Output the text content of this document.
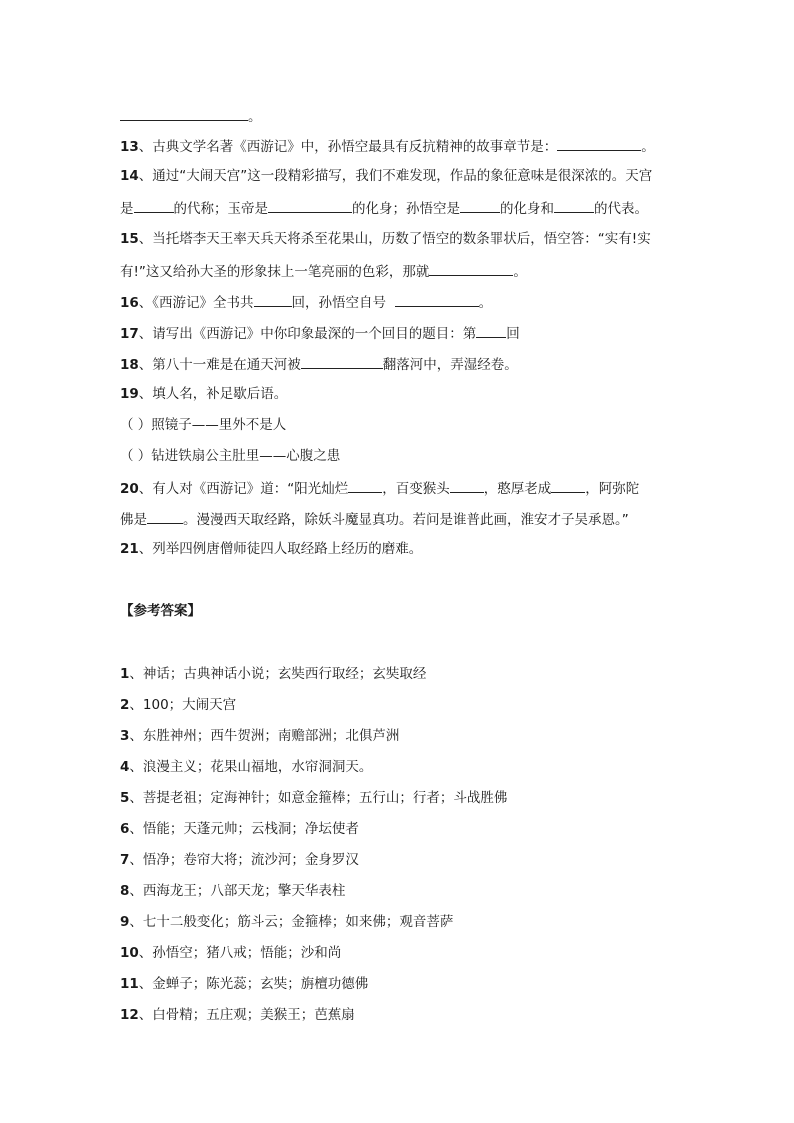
。
13、古典文学名著《西游记》中，孙悟空最具有反抗精神的故事章节是：	。
14、通过“大闹天宫”这一段精彩描写，我们不难发现，作品的象征意味是很深浓的。天宫
是	的代称；玉帝是	的化身；孙悟空是	的化身和	的代表。
15、当托塔李天王率天兵天将杀至花果山，历数了悟空的数条罪状后，悟空答：“实有!实
有!”这又给孙大圣的形象抹上一笔亮丽的色彩，那就	。
16、《西游记》全书共	回，孙悟空自号	。
17、请写出《西游记》中你印象最深的一个回目的题目：第 回
18、第八十一难是在通天河被	翻落河中，弄湿经卷。
19、填人名，补足歇后语。
（ ）照镜子——里外不是人
（ ）钻进铁扇公主肚里——心腹之患
20、有人对《西游记》道：“阳光灿烂	，百变猴头	，憨厚老成	，阿弥陀
佛是	。漫漫西天取经路，除妖斗魔显真功。若问是谁普此画，淮安才子吴承恩。”
21、列举四例唐僧师徒四人取经路上经历的磨难。
【参考答案】
1、神话；古典神话小说；玄奘西行取经；玄奘取经
2、100；大闹天宫
3、东胜神州；西牛贺洲；南赡部洲；北俱芦洲
4、浪漫主义；花果山福地，水帘洞洞天。
5、菩提老祖；定海神针；如意金箍棒；五行山；行者；斗战胜佛
6、悟能；天蓬元帅；云栈洞；净坛使者
7、悟净；卷帘大将；流沙河；金身罗汉
8、西海龙王；八部天龙；擎天华表柱
9、七十二般变化；筋斗云；金箍棒；如来佛；观音菩萨
10、孙悟空；猪八戒；悟能；沙和尚
11、金蝉子；陈光蕊；玄奘；旃檀功德佛
12、白骨精；五庄观；美猴王；芭蕉扇
